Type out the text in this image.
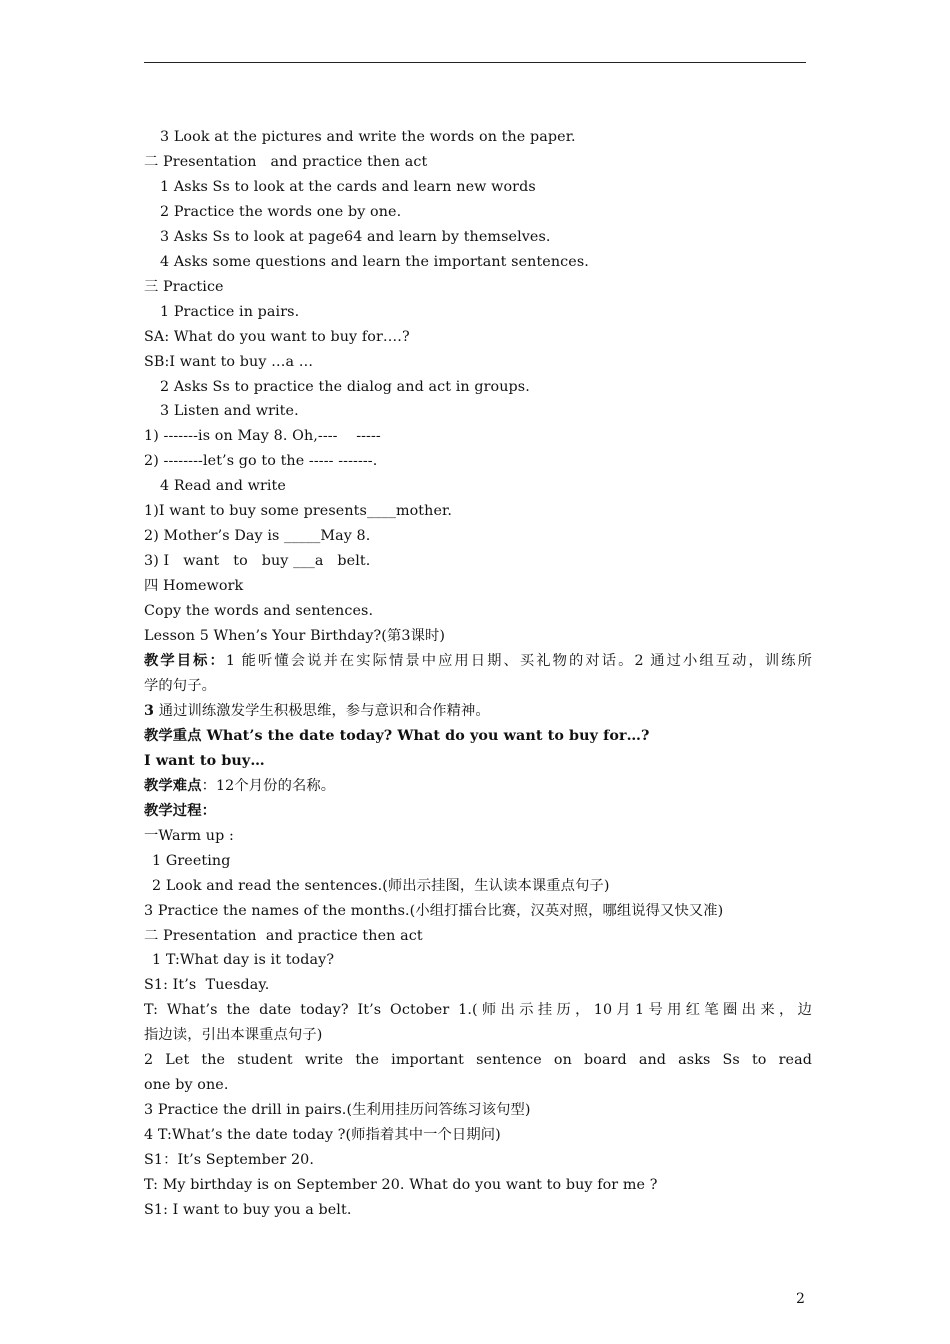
3 Look at the pictures and write the words on the paper.
二 Presentation   and practice then act
1 Asks Ss to look at the cards and learn new words
2 Practice the words one by one.
3 Asks Ss to look at page64 and learn by themselves.
4 Asks some questions and learn the important sentences.
三 Practice
1 Practice in pairs.
SA: What do you want to buy for….?
SB:I want to buy …a …
2 Asks Ss to practice the dialog and act in groups.
3 Listen and write.
1) -------is on May 8. Oh,----    -----
2) --------let’s go to the ----- -------.
4 Read and write
1)I want to buy some presents____mother.
2) Mother’s Day is _____May 8.
3) I   want   to   buy ___a   belt.
四 Homework
Copy the words and sentences.
Lesson 5 When’s Your Birthday?(第3课时)
教学目标：1 能听懂会说并在实际情景中应用日期、买礼物的对话。2 通过小组互动，训练所
学的句子。
3 通过训练激发学生积极思维，参与意识和合作精神。
教学重点 What’s the date today? What do you want to buy for…?
I want to buy…
教学难点：12个月份的名称。
教学过程：
一Warm up :
1 Greeting
2 Look and read the sentences.(师出示挂图，生认读本课重点句子)
3 Practice the names of the months.(小组打擂台比赛，汉英对照，哪组说得又快又准)
二 Presentation  and practice then act
1 T:What day is it today?
S1: It’s  Tuesday.
T: What’s the date today? It’s October 1.(师出示挂历，10月1号用红笔圈出来，边
指边读，引出本课重点句子)
2 Let the student write the important sentence on board and asks Ss to read
one by one.
3 Practice the drill in pairs.(生利用挂历问答练习该句型)
4 T:What’s the date today ?(师指着其中一个日期问)
S1：It’s September 20.
T: My birthday is on September 20. What do you want to buy for me ?
S1: I want to buy you a belt.
2
